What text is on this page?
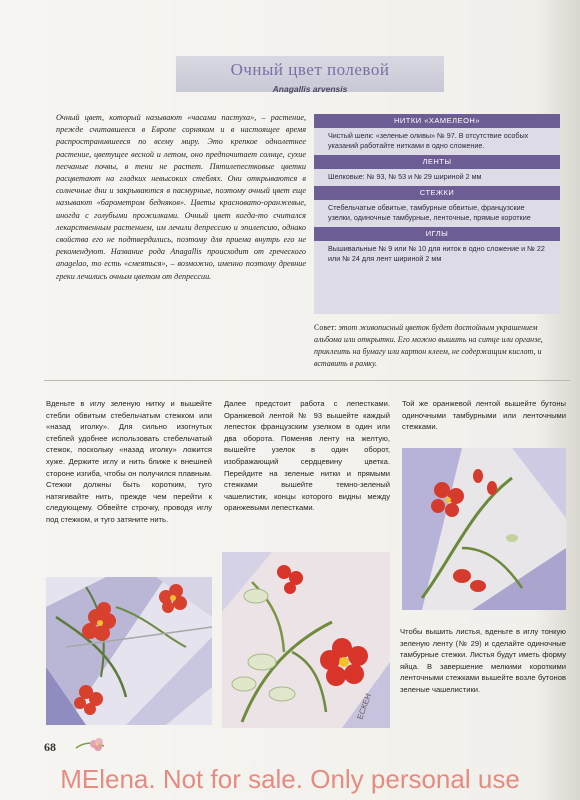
Очный цвет полевой
Anagallis arvensis
Очный цвет, который называют «часами пастуха», – растение, прежде считавшееся в Европе сорняком и в настоящее время распространившееся по всему миру. Это крепкое однолетнее растение, цветущее весной и летом, оно предпочитает солнце, сухие песчаные почвы, в тени не растет. Пятилепестковые цветки расцветают на гладких невысоких стеблях. Они открываются в солнечные дни и закрываются в пасмурные, поэтому очный цвет еще называют «барометром бедняков». Цветы красновато-оранжевые, иногда с голубыми прожилками. Очный цвет когда-то считался лекарственным растением, им лечили депрессию и эпилепсию, однако свойства его не подтвердились, поэтому для приема внутрь его не рекомендуют. Название рода Anagallis происходит от греческого anagelao, то есть «смеяться», – возможно, именно поэтому древние греки лечились очным цветом от депрессии.
НИТКИ «ХАМЕЛЕОН»
Чистый шелк: «зеленые оливы» № 97. В отсутствие особых указаний работайте нитками в одно сложение.
ЛЕНТЫ
Шелковые: № 93, № 53 и № 29 шириной 2 мм
СТЕЖКИ
Стебельчатые обвитые, тамбурные обвитые, французские узелки, одиночные тамбурные, ленточные, прямые короткие
ИГЛЫ
Вышивальные № 9 или № 10 для ниток в одно сложение и № 22 или № 24 для лент шириной 2 мм
Совет: этот живописный цветок будет достойным украшением альбома или открытки. Его можно вышить на ситце или органзе, приклеить на бумагу или картон клеем, не содержащим кислот, и вставить в рамку.
Вденьте в иглу зеленую нитку и вышейте стебли обвитым стебельчатым стежком или «назад иголку». Для сильно изогнутых стеблей удобнее использовать стебельчатый стежок, поскольку «назад иголку» ложится хуже. Держите иглу и нить ближе к внешней стороне изгиба, чтобы он получился плавным. Стежки должны быть коротким, туго натягивайте нить, прежде чем перейти к следующему. Обвейте строчку, проводя иглу под стежком, и туго затяните нить.
Далее предстоит работа с лепестками. Оранжевой лентой № 93 вышейте каждый лепесток французским узелком в один или два оборота. Поменяв ленту на желтую, вышейте узелок в один оборот, изображающий сердцевину цветка. Перейдите на зеленые нитки и прямыми стежками вышейте темно-зеленый чашелистик, концы которого видны между оранжевыми лепестками.
Той же оранжевой лентой вышейте бутоны одиночными тамбурными или ленточными стежками.
Чтобы вышить листья, вденьте в иглу тонкую зеленую ленту (№ 29) и сделайте одиночные тамбурные стежки. Листья будут иметь форму яйца. В завершение мелкими короткими ленточными стежками вышейте возле бутонов зеленые чашелистики.
ЕСКЕН
68
MElena. Not for sale. Only personal use
